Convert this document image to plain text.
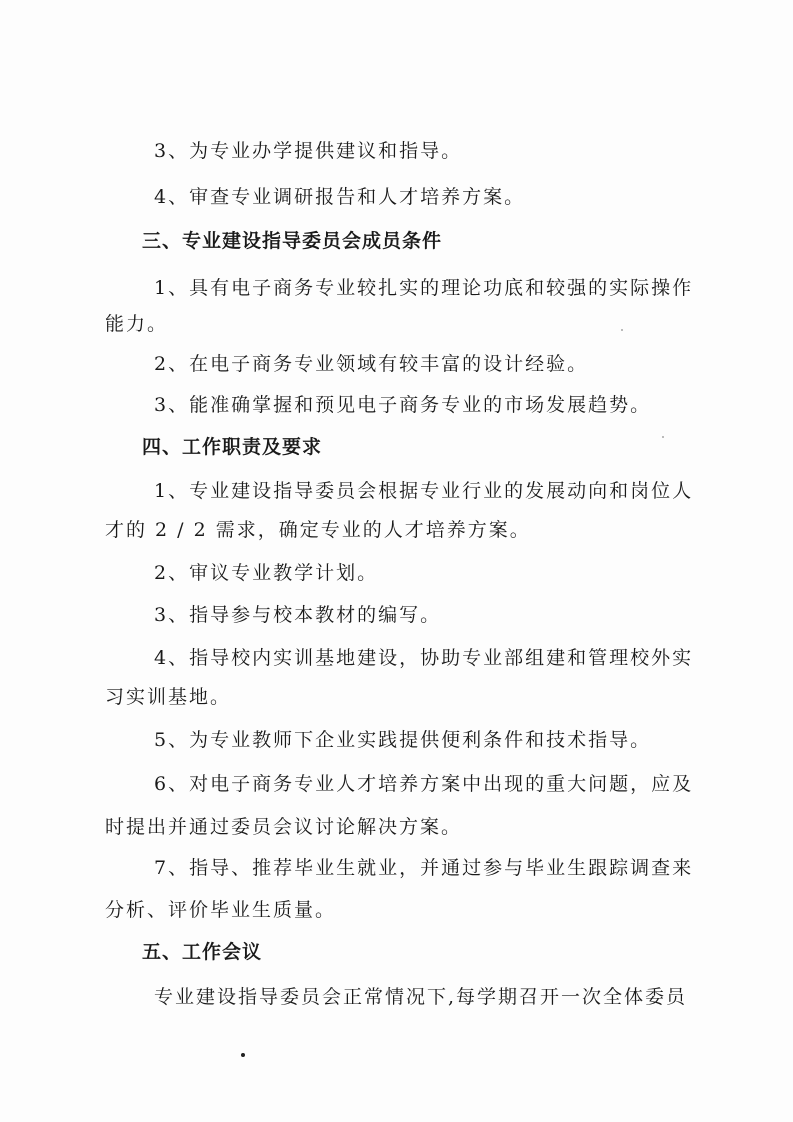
3、为专业办学提供建议和指导。
4、审查专业调研报告和人才培养方案。
三、专业建设指导委员会成员条件
1、具有电子商务专业较扎实的理论功底和较强的实际操作
能力。
2、在电子商务专业领域有较丰富的设计经验。
3、能准确掌握和预见电子商务专业的市场发展趋势。
四、工作职责及要求
1、专业建设指导委员会根据专业行业的发展动向和岗位人
才的 2 / 2 需求，确定专业的人才培养方案。
2、审议专业教学计划。
3、指导参与校本教材的编写。
4、指导校内实训基地建设，协助专业部组建和管理校外实
习实训基地。
5、为专业教师下企业实践提供便利条件和技术指导。
6、对电子商务专业人才培养方案中出现的重大问题，应及
时提出并通过委员会议讨论解决方案。
7、指导、推荐毕业生就业，并通过参与毕业生跟踪调查来
分析、评价毕业生质量。
五、工作会议
专业建设指导委员会正常情况下,每学期召开一次全体委员
